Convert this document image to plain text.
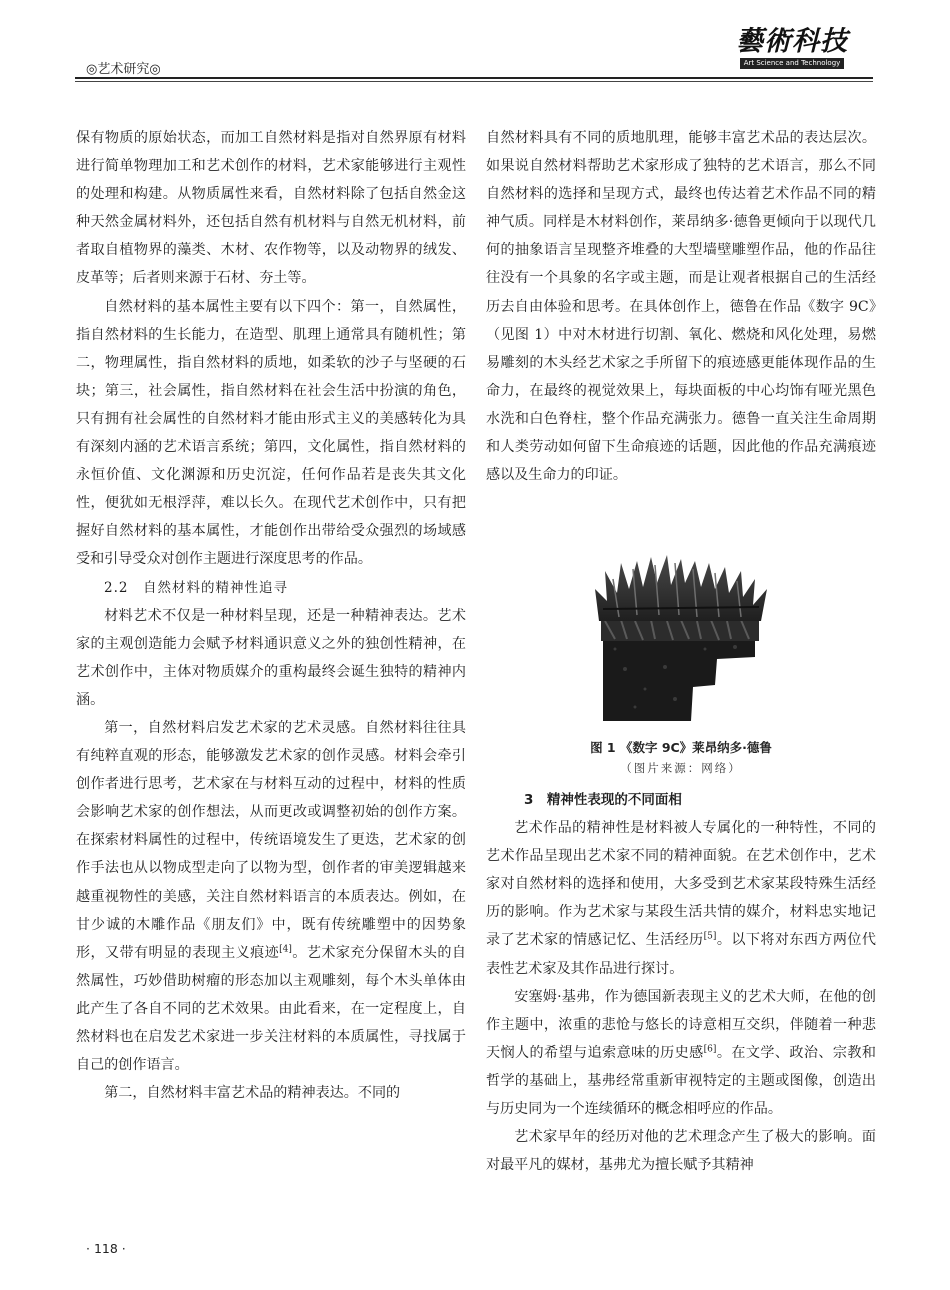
◎艺术研究◎
藝術科技
Art Science and Technology

保有物质的原始状态，而加工自然材料是指对自然界原有材料进行简单物理加工和艺术创作的材料，艺术家能够进行主观性的处理和构建。从物质属性来看，自然材料除了包括自然金这种天然金属材料外，还包括自然有机材料与自然无机材料，前者取自植物界的藻类、木材、农作物等，以及动物界的绒发、皮革等；后者则来源于石材、夯土等。

自然材料的基本属性主要有以下四个：第一，自然属性，指自然材料的生长能力，在造型、肌理上通常具有随机性；第二，物理属性，指自然材料的质地，如柔软的沙子与坚硬的石块；第三，社会属性，指自然材料在社会生活中扮演的角色，只有拥有社会属性的自然材料才能由形式主义的美感转化为具有深刻内涵的艺术语言系统；第四，文化属性，指自然材料的永恒价值、文化渊源和历史沉淀，任何作品若是丧失其文化性，便犹如无根浮萍，难以长久。在现代艺术创作中，只有把握好自然材料的基本属性，才能创作出带给受众强烈的场域感受和引导受众对创作主题进行深度思考的作品。

2.2　自然材料的精神性追寻

材料艺术不仅是一种材料呈现，还是一种精神表达。艺术家的主观创造能力会赋予材料通识意义之外的独创性精神，在艺术创作中，主体对物质媒介的重构最终会诞生独特的精神内涵。

第一，自然材料启发艺术家的艺术灵感。自然材料往往具有纯粹直观的形态，能够激发艺术家的创作灵感。材料会牵引创作者进行思考，艺术家在与材料互动的过程中，材料的性质会影响艺术家的创作想法，从而更改或调整初始的创作方案。在探索材料属性的过程中，传统语境发生了更迭，艺术家的创作手法也从以物成型走向了以物为型，创作者的审美逻辑越来越重视物性的美感，关注自然材料语言的本质表达。例如，在甘少诚的木雕作品《朋友们》中，既有传统雕塑中的因势象形，又带有明显的表现主义痕迹[4]。艺术家充分保留木头的自然属性，巧妙借助树瘤的形态加以主观雕刻，每个木头单体由此产生了各自不同的艺术效果。由此看来，在一定程度上，自然材料也在启发艺术家进一步关注材料的本质属性，寻找属于自己的创作语言。

第二，自然材料丰富艺术品的精神表达。不同的

自然材料具有不同的质地肌理，能够丰富艺术品的表达层次。如果说自然材料帮助艺术家形成了独特的艺术语言，那么不同自然材料的选择和呈现方式，最终也传达着艺术作品不同的精神气质。同样是木材料创作，莱昂纳多·德鲁更倾向于以现代几何的抽象语言呈现整齐堆叠的大型墙壁雕塑作品，他的作品往往没有一个具象的名字或主题，而是让观者根据自己的生活经历去自由体验和思考。在具体创作上，德鲁在作品《数字 9C》（见图 1）中对木材进行切割、氧化、燃烧和风化处理，易燃易雕刻的木头经艺术家之手所留下的痕迹感更能体现作品的生命力，在最终的视觉效果上，每块面板的中心均饰有哑光黑色水洗和白色脊柱，整个作品充满张力。德鲁一直关注生命周期和人类劳动如何留下生命痕迹的话题，因此他的作品充满痕迹感以及生命力的印证。

图 1 《数字 9C》莱昂纳多·德鲁
（图片来源：网络）

3　精神性表现的不同面相

艺术作品的精神性是材料被人专属化的一种特性，不同的艺术作品呈现出艺术家不同的精神面貌。在艺术创作中，艺术家对自然材料的选择和使用，大多受到艺术家某段特殊生活经历的影响。作为艺术家与某段生活共情的媒介，材料忠实地记录了艺术家的情感记忆、生活经历[5]。以下将对东西方两位代表性艺术家及其作品进行探讨。

安塞姆·基弗，作为德国新表现主义的艺术大师，在他的创作主题中，浓重的悲怆与悠长的诗意相互交织，伴随着一种悲天悯人的希望与追索意味的历史感[6]。在文学、政治、宗教和哲学的基础上，基弗经常重新审视特定的主题或图像，创造出与历史同为一个连续循环的概念相呼应的作品。

艺术家早年的经历对他的艺术理念产生了极大的影响。面对最平凡的媒材，基弗尤为擅长赋予其精神

· 118 ·
